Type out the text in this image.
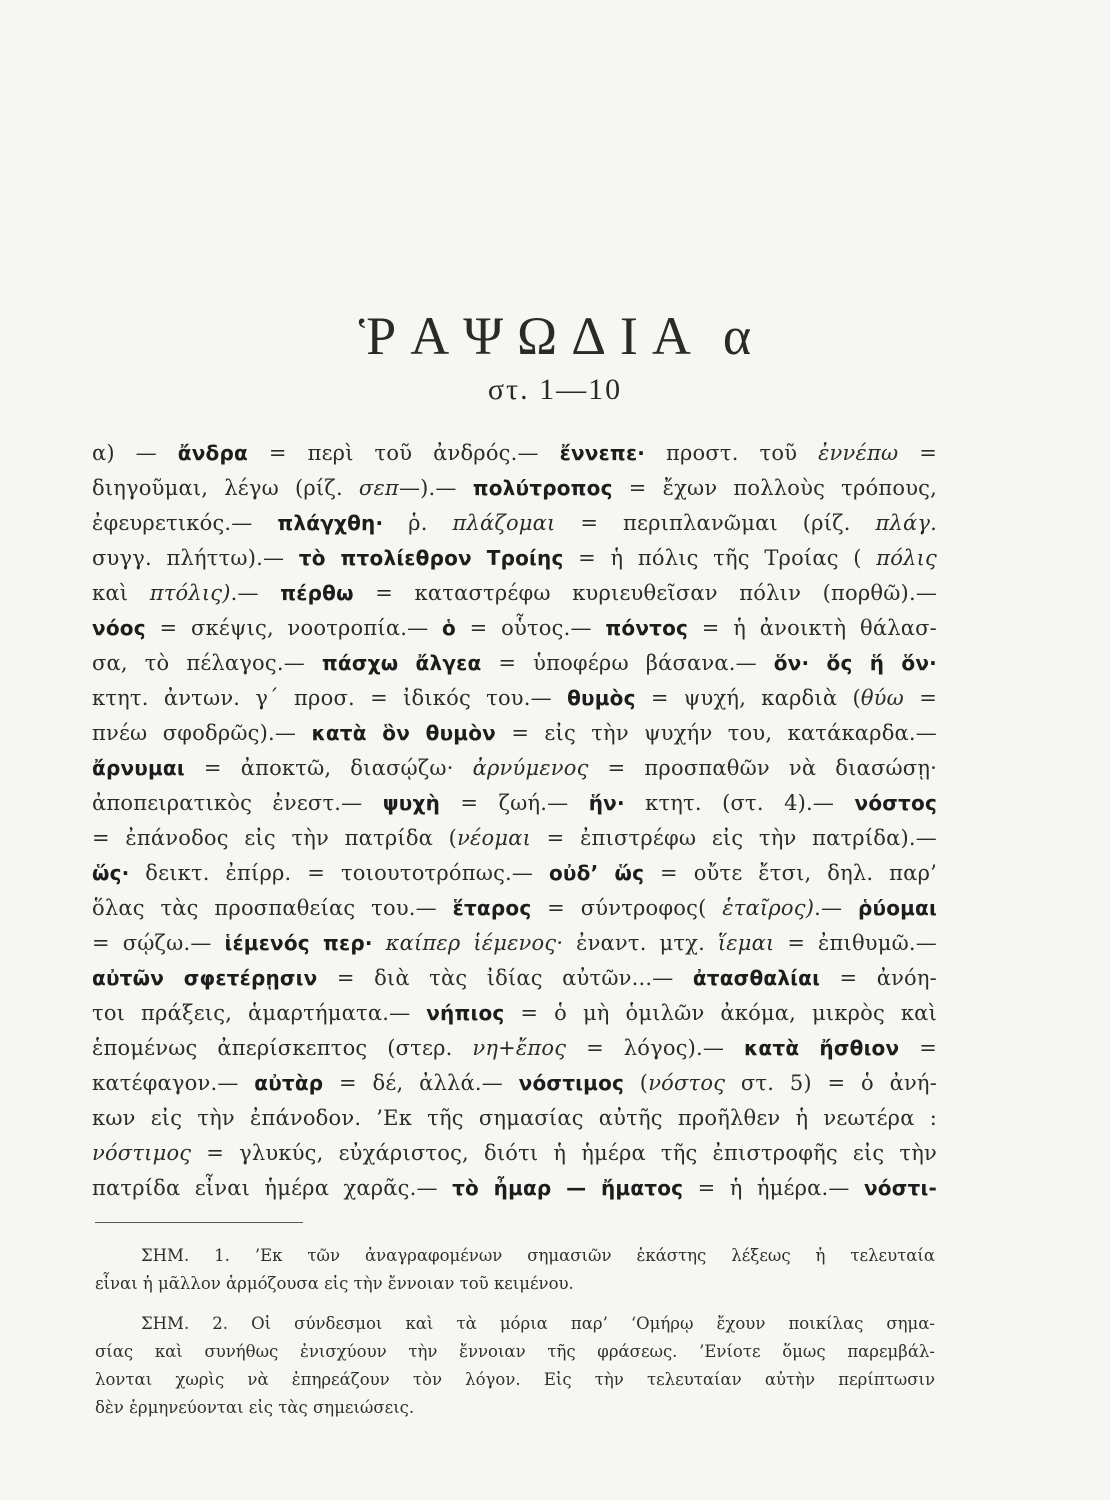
ῬΑΨΩΔΙΑ α
στ. 1—10
α) — ἄνδρα = περὶ τοῦ ἀνδρός.— ἔννεπε· προστ. τοῦ ἐννέπω =
διηγοῦμαι, λέγω (ρίζ. σεπ—).— πολύτροπος = ἔχων πολλοὺς τρόπους,
ἐφευρετικός.— πλάγχθη· ῥ. πλάζομαι = περιπλανῶμαι (ρίζ. πλάγ.
συγγ. πλήττω).— τὸ πτολίεθρον Τροίης = ἡ πόλις τῆς Τροίας ( πόλις
καὶ πτόλις).— πέρθω = καταστρέφω κυριευθεῖσαν πόλιν (πορθῶ).—
νόος = σκέψις, νοοτροπία.— ὁ = οὗτος.— πόντος = ἡ ἀνοικτὴ θάλασ-
σα, τὸ πέλαγος.— πάσχω ἄλγεα = ὑποφέρω βάσανα.— ὅν· ὅς ἥ ὅν·
κτητ. ἀντων. γ΄ προσ. = ἰδικός του.— θυμὸς = ψυχή, καρδιὰ (θύω =
πνέω σφοδρῶς).— κατὰ ὃν θυμὸν = εἰς τὴν ψυχήν του, κατάκαρδα.—
ἄρνυμαι = ἀποκτῶ, διασῴζω· ἀρνύμενος = προσπαθῶν νὰ διασώσῃ·
ἀποπειρατικὸς ἐνεστ.— ψυχὴ = ζωή.— ἥν· κτητ. (στ. 4).— νόστος
= ἐπάνοδος εἰς τὴν πατρίδα (νέομαι = ἐπιστρέφω εἰς τὴν πατρίδα).—
ὥς· δεικτ. ἐπίρρ. = τοιουτοτρόπως.— οὐδ’ ὥς = οὔτε ἔτσι, δηλ. παρ’
ὅλας τὰς προσπαθείας του.— ἕταρος = σύντροφος( ἑταῖρος).— ῥύομαι
= σῴζω.— ἱέμενός περ· καίπερ ἱέμενος· ἐναντ. μτχ. ἵεμαι = ἐπιθυμῶ.—
αὐτῶν σφετέρῃσιν = διὰ τὰς ἰδίας αὐτῶν...— ἀτασθαλίαι = ἀνόη-
τοι πράξεις, ἁμαρτήματα.— νήπιος = ὁ μὴ ὁμιλῶν ἀκόμα, μικρὸς καὶ
ἑπομένως ἀπερίσκεπτος (στερ. νη+ἔπος = λόγος).— κατὰ ἤσθιον =
κατέφαγον.— αὐτὰρ = δέ, ἀλλά.— νόστιμος (νόστος στ. 5) = ὁ ἀνή-
κων εἰς τὴν ἐπάνοδον. ’Εκ τῆς σημασίας αὐτῆς προῆλθεν ἡ νεωτέρα :
νόστιμος = γλυκύς, εὐχάριστος, διότι ἡ ἡμέρα τῆς ἐπιστροφῆς εἰς τὴν
πατρίδα εἶναι ἡμέρα χαρᾶς.— τὸ ἦμαρ — ἤματος = ἡ ἡμέρα.— νόστι-
ΣΗΜ. 1. ’Εκ τῶν ἀναγραφομένων σημασιῶν ἑκάστης λέξεως ἡ τελευταία
εἶναι ἡ μᾶλλον ἁρμόζουσα εἰς τὴν ἔννοιαν τοῦ κειμένου.
ΣΗΜ. 2. Οἱ σύνδεσμοι καὶ τὰ μόρια παρ’ ‘Ομήρῳ ἔχουν ποικίλας σημα-
σίας καὶ συνήθως ἐνισχύουν τὴν ἔννοιαν τῆς φράσεως. ’Ενίοτε ὅμως παρεμβάλ-
λονται χωρὶς νὰ ἐπηρεάζουν τὸν λόγον. Εἰς τὴν τελευταίαν αὐτὴν περίπτωσιν
δὲν ἑρμηνεύονται εἰς τὰς σημειώσεις.
